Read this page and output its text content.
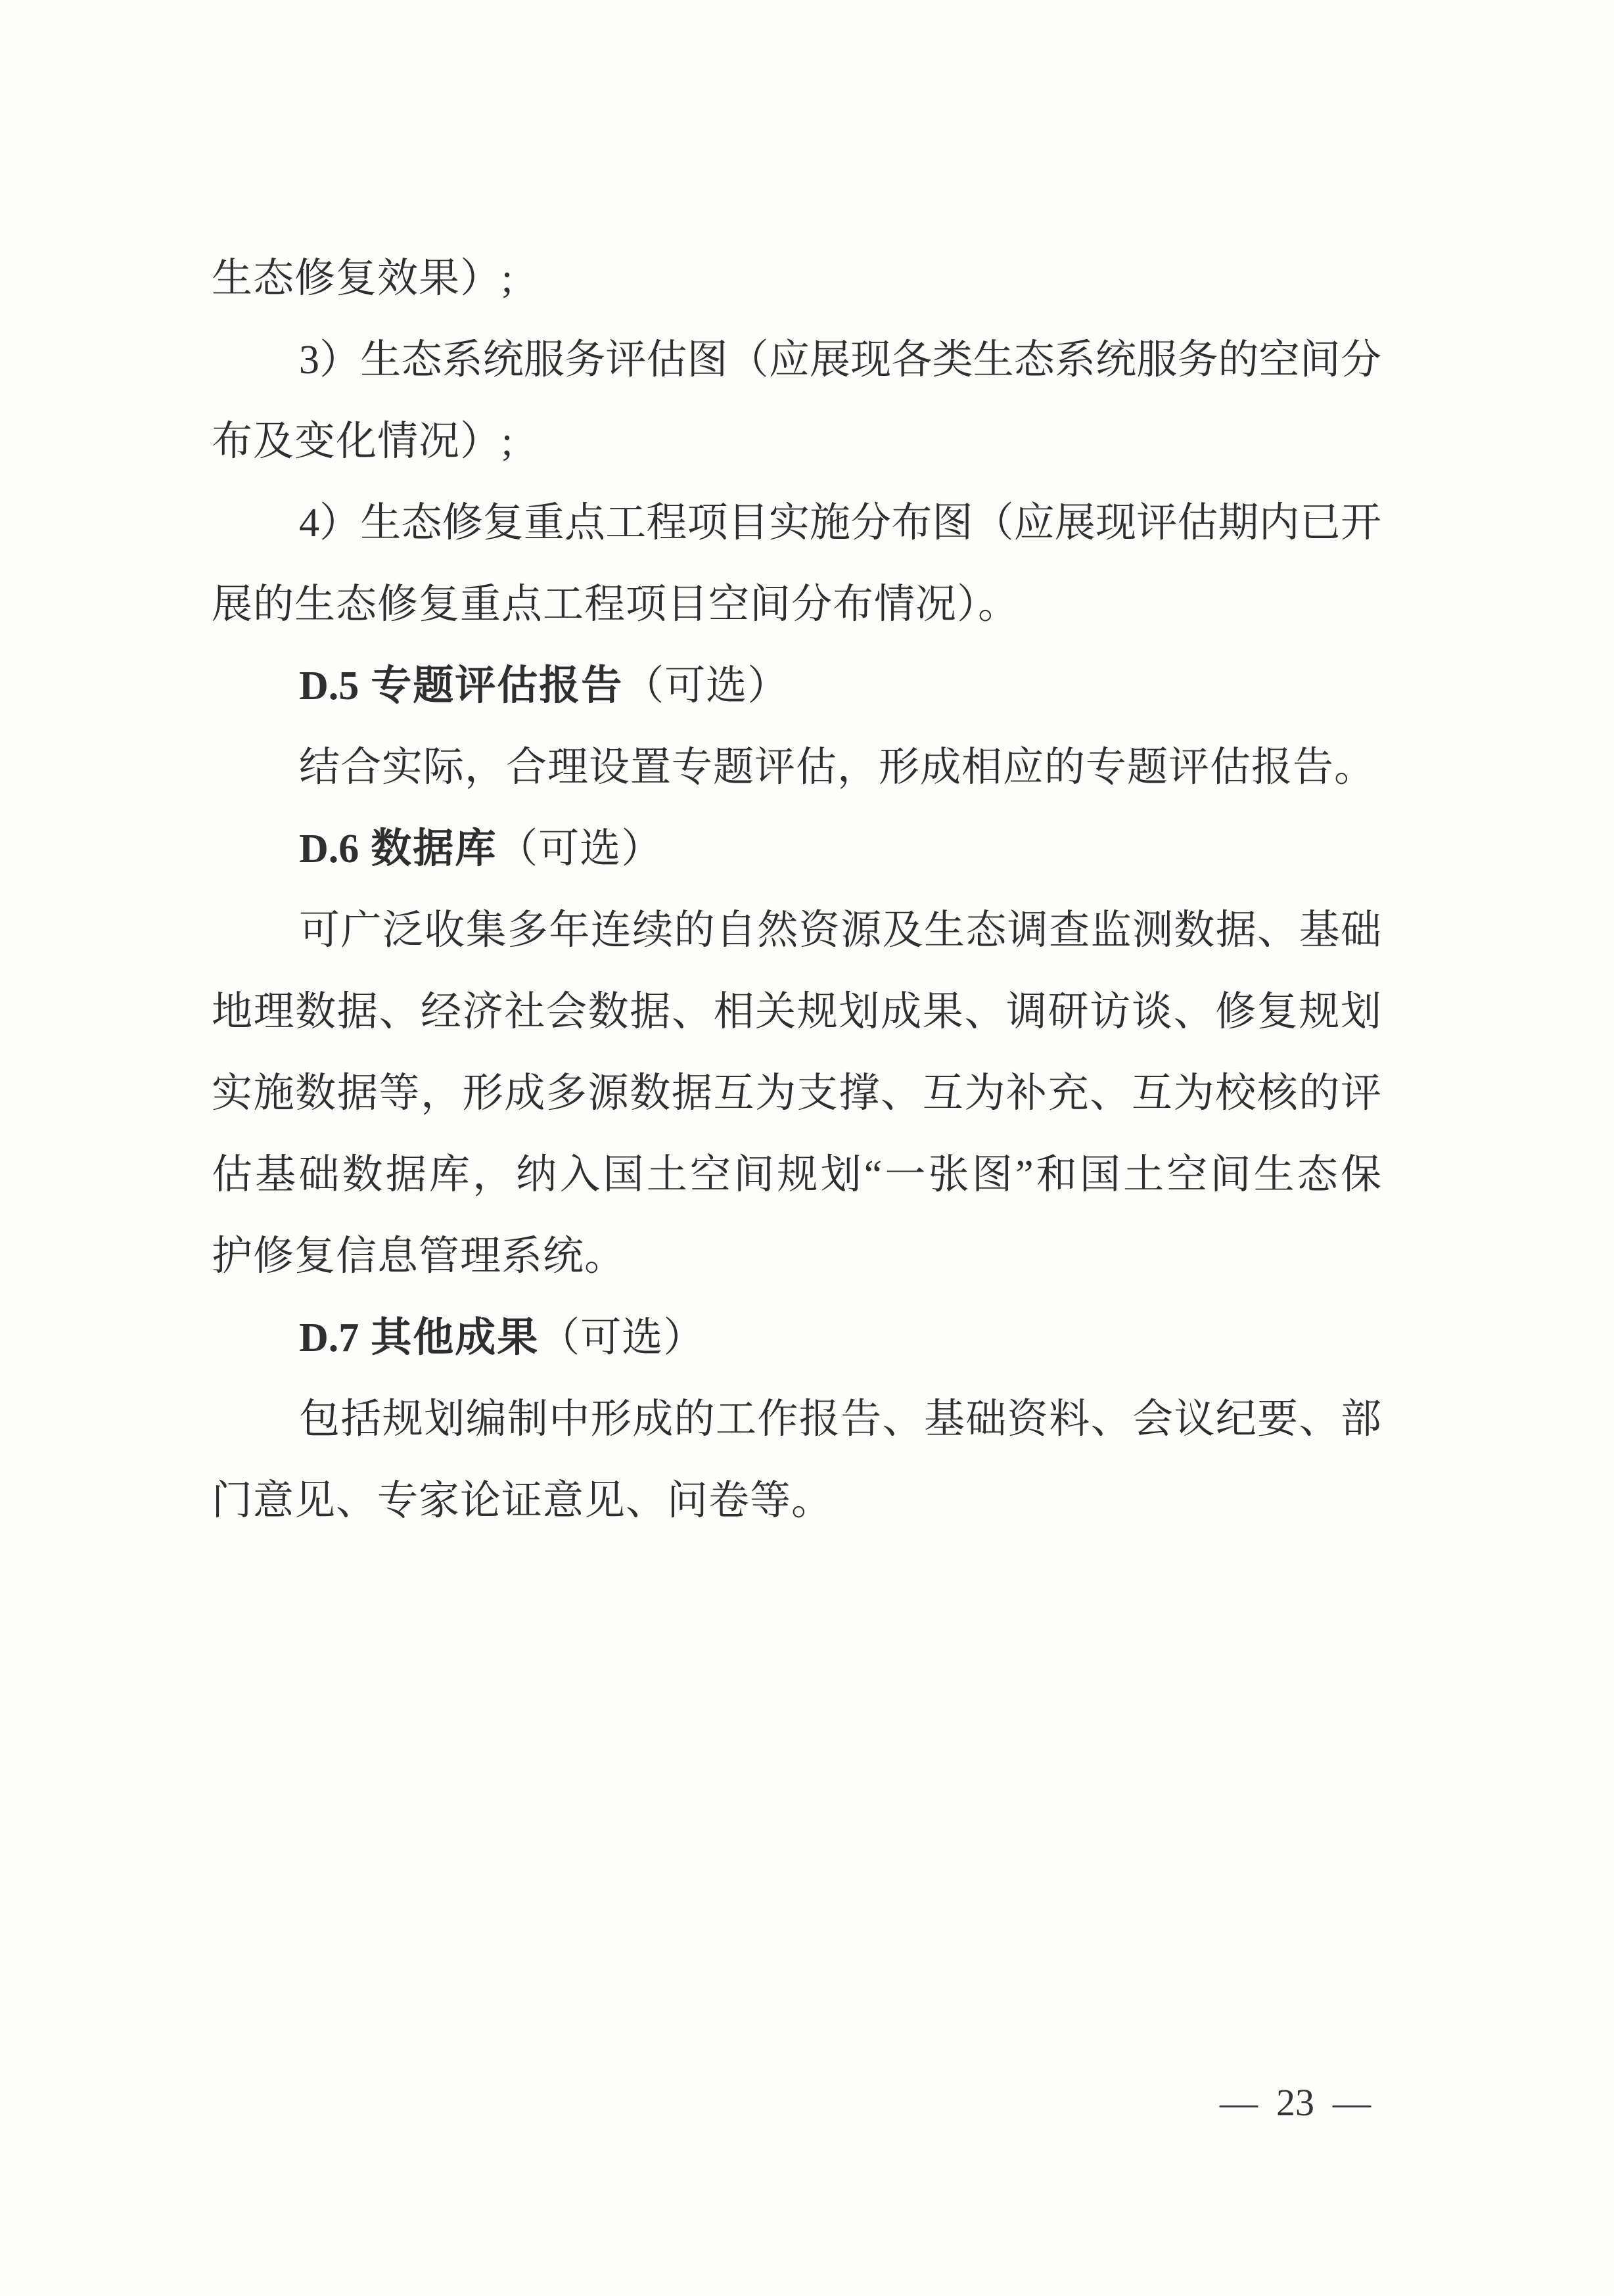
生态修复效果）;
3）生态系统服务评估图（应展现各类生态系统服务的空间分
布及变化情况）;
4）生态修复重点工程项目实施分布图（应展现评估期内已开
展的生态修复重点工程项目空间分布情况）。
D.5 专题评估报告（可选）
结合实际，合理设置专题评估，形成相应的专题评估报告。
D.6 数据库（可选）
可广泛收集多年连续的自然资源及生态调查监测数据、基础
地理数据、经济社会数据、相关规划成果、调研访谈、修复规划
实施数据等，形成多源数据互为支撑、互为补充、互为校核的评
估基础数据库，纳入国土空间规划“一张图”和国土空间生态保
护修复信息管理系统。
D.7 其他成果（可选）
包括规划编制中形成的工作报告、基础资料、会议纪要、部
门意见、专家论证意见、问卷等。
— 23 —
